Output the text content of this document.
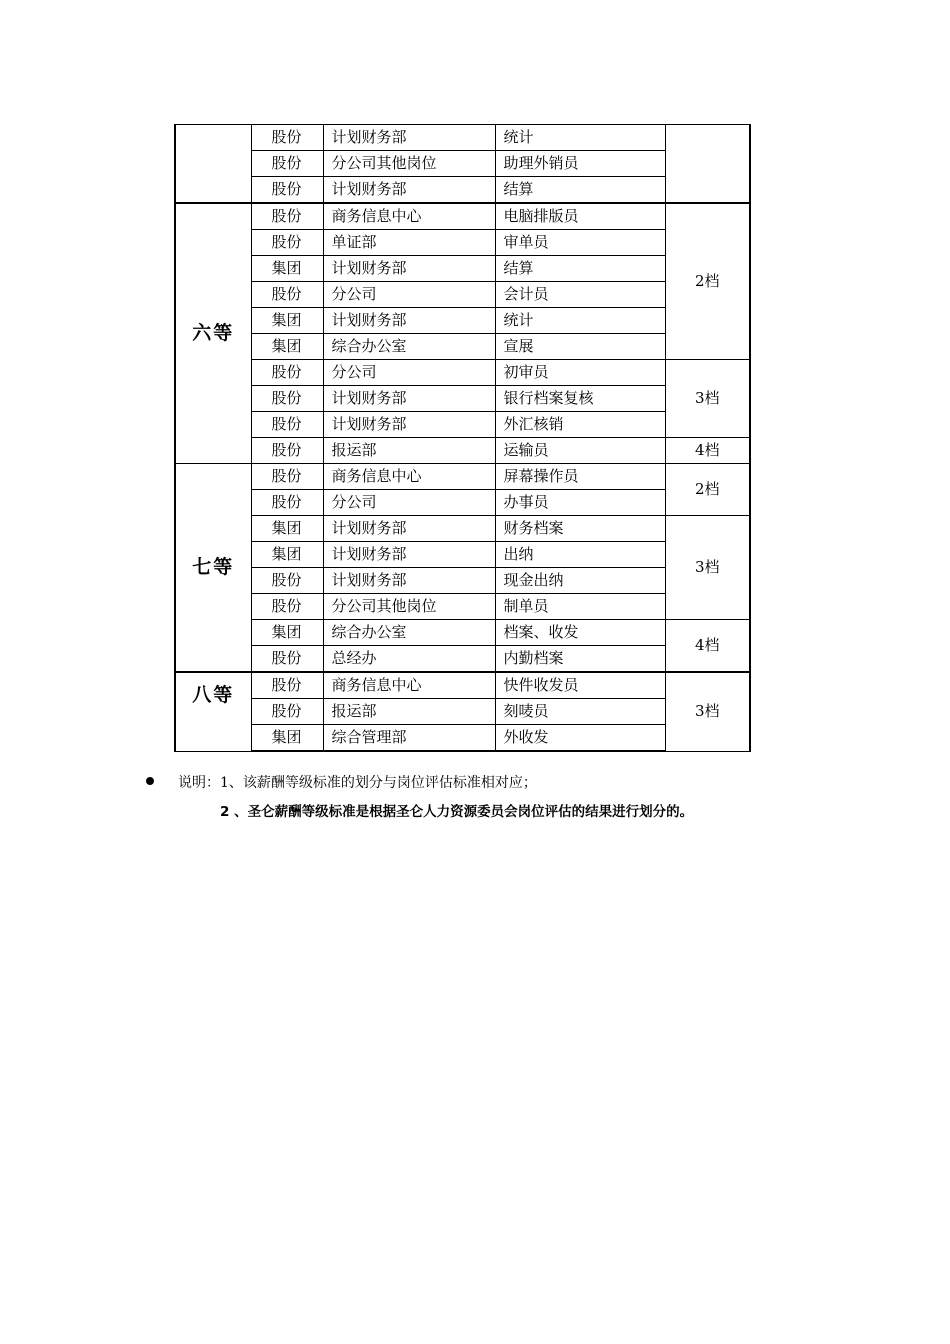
	股份	计划财务部	统计	
	股份	分公司其他岗位	助理外销员	
	股份	计划财务部	结算	
六等	股份	商务信息中心	电脑排版员	2档
	股份	单证部	审单员	
	集团	计划财务部	结算	
	股份	分公司	会计员	
	集团	计划财务部	统计	
	集团	综合办公室	宣展	
	股份	分公司	初审员	3档
	股份	计划财务部	银行档案复核	
	股份	计划财务部	外汇核销	
	股份	报运部	运输员	4档
七等	股份	商务信息中心	屏幕操作员	2档
	股份	分公司	办事员	
	集团	计划财务部	财务档案	3档
	集团	计划财务部	出纳	
	股份	计划财务部	现金出纳	
	股份	分公司其他岗位	制单员	
	集团	综合办公室	档案、收发	4档
	股份	总经办	内勤档案	
八等	股份	商务信息中心	快件收发员	3档
	股份	报运部	刻唛员	
	集团	综合管理部	外收发	
说明：1、该薪酬等级标准的划分与岗位评估标准相对应；
2 、圣仑薪酬等级标准是根据圣仑人力资源委员会岗位评估的结果进行划分的。
